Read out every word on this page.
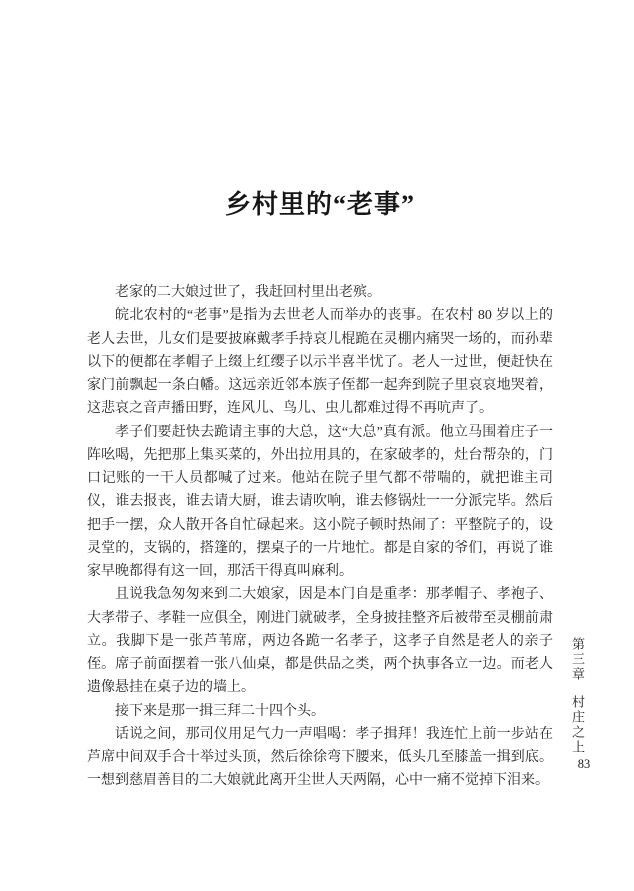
乡村里的“老事”

老家的二大娘过世了，我赶回村里出老殡。

皖北农村的“老事”是指为去世老人而举办的丧事。在农村 80 岁以上的老人去世，儿女们是要披麻戴孝手持哀儿棍跪在灵棚内痛哭一场的，而孙辈以下的便都在孝帽子上缀上红缨子以示半喜半忧了。老人一过世，便赶快在家门前飘起一条白幡。这远亲近邻本族子侄都一起奔到院子里哀哀地哭着，这悲哀之音声播田野，连风儿、鸟儿、虫儿都难过得不再吭声了。

孝子们要赶快去跪请主事的大总，这“大总”真有派。他立马围着庄子一阵吆喝，先把那上集买菜的，外出拉用具的，在家破孝的，灶台帮杂的，门口记账的一干人员都喊了过来。他站在院子里气都不带喘的，就把谁主司仪，谁去报丧，谁去请大厨，谁去请吹响，谁去修锅灶一一分派完毕。然后把手一摆，众人散开各自忙碌起来。这小院子顿时热闹了：平整院子的，设灵堂的，支锅的，搭篷的，摆桌子的一片地忙。都是自家的爷们，再说了谁家早晚都得有这一回，那活干得真叫麻利。

且说我急匆匆来到二大娘家，因是本门自是重孝：那孝帽子、孝袍子、大孝带子、孝鞋一应俱全，刚进门就破孝，全身披挂整齐后被带至灵棚前肃立。我脚下是一张芦苇席，两边各跪一名孝子，这孝子自然是老人的亲子侄。席子前面摆着一张八仙桌，都是供品之类，两个执事各立一边。而老人遗像悬挂在桌子边的墙上。

接下来是那一揖三拜二十四个头。

话说之间，那司仪用足气力一声唱喝：孝子揖拜！我连忙上前一步站在芦席中间双手合十举过头顶，然后徐徐弯下腰来，低头几至膝盖一揖到底。一想到慈眉善目的二大娘就此离开尘世人天两隔，心中一痛不觉掉下泪来。

第三章
村庄之上
83
